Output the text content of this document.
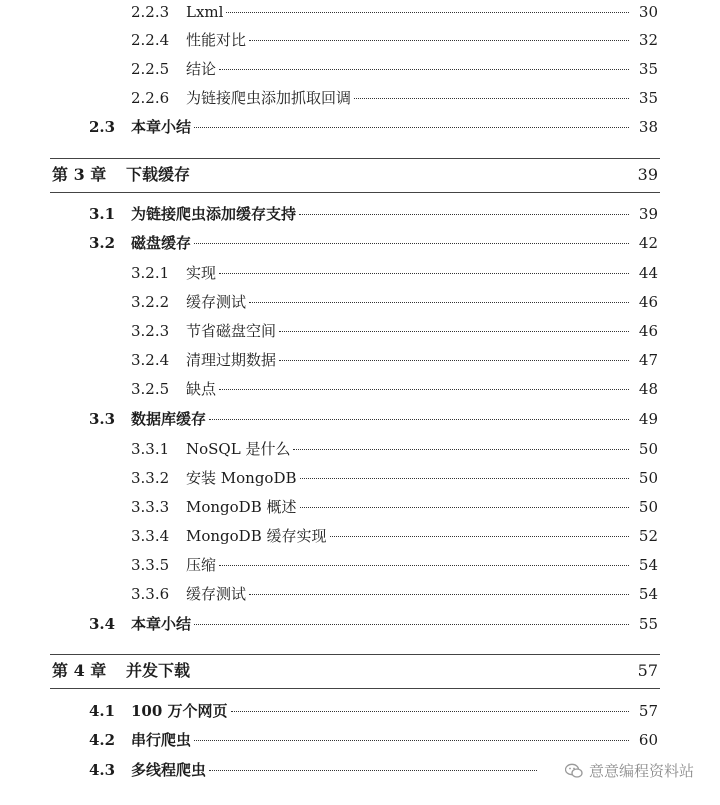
2.2.3 Lxml	30
2.2.4 性能对比	32
2.2.5 结论	35
2.2.6 为链接爬虫添加抓取回调	35
2.3 本章小结	38
第 3 章 下载缓存	39
3.1 为链接爬虫添加缓存支持	39
3.2 磁盘缓存	42
3.2.1 实现	44
3.2.2 缓存测试	46
3.2.3 节省磁盘空间	46
3.2.4 清理过期数据	47
3.2.5 缺点	48
3.3 数据库缓存	49
3.3.1 NoSQL 是什么	50
3.3.2 安装 MongoDB	50
3.3.3 MongoDB 概述	50
3.3.4 MongoDB 缓存实现	52
3.3.5 压缩	54
3.3.6 缓存测试	54
3.4 本章小结	55
第 4 章 并发下载	57
4.1 100 万个网页	57
4.2 串行爬虫	60
4.3 多线程爬虫	意意编程资料站
